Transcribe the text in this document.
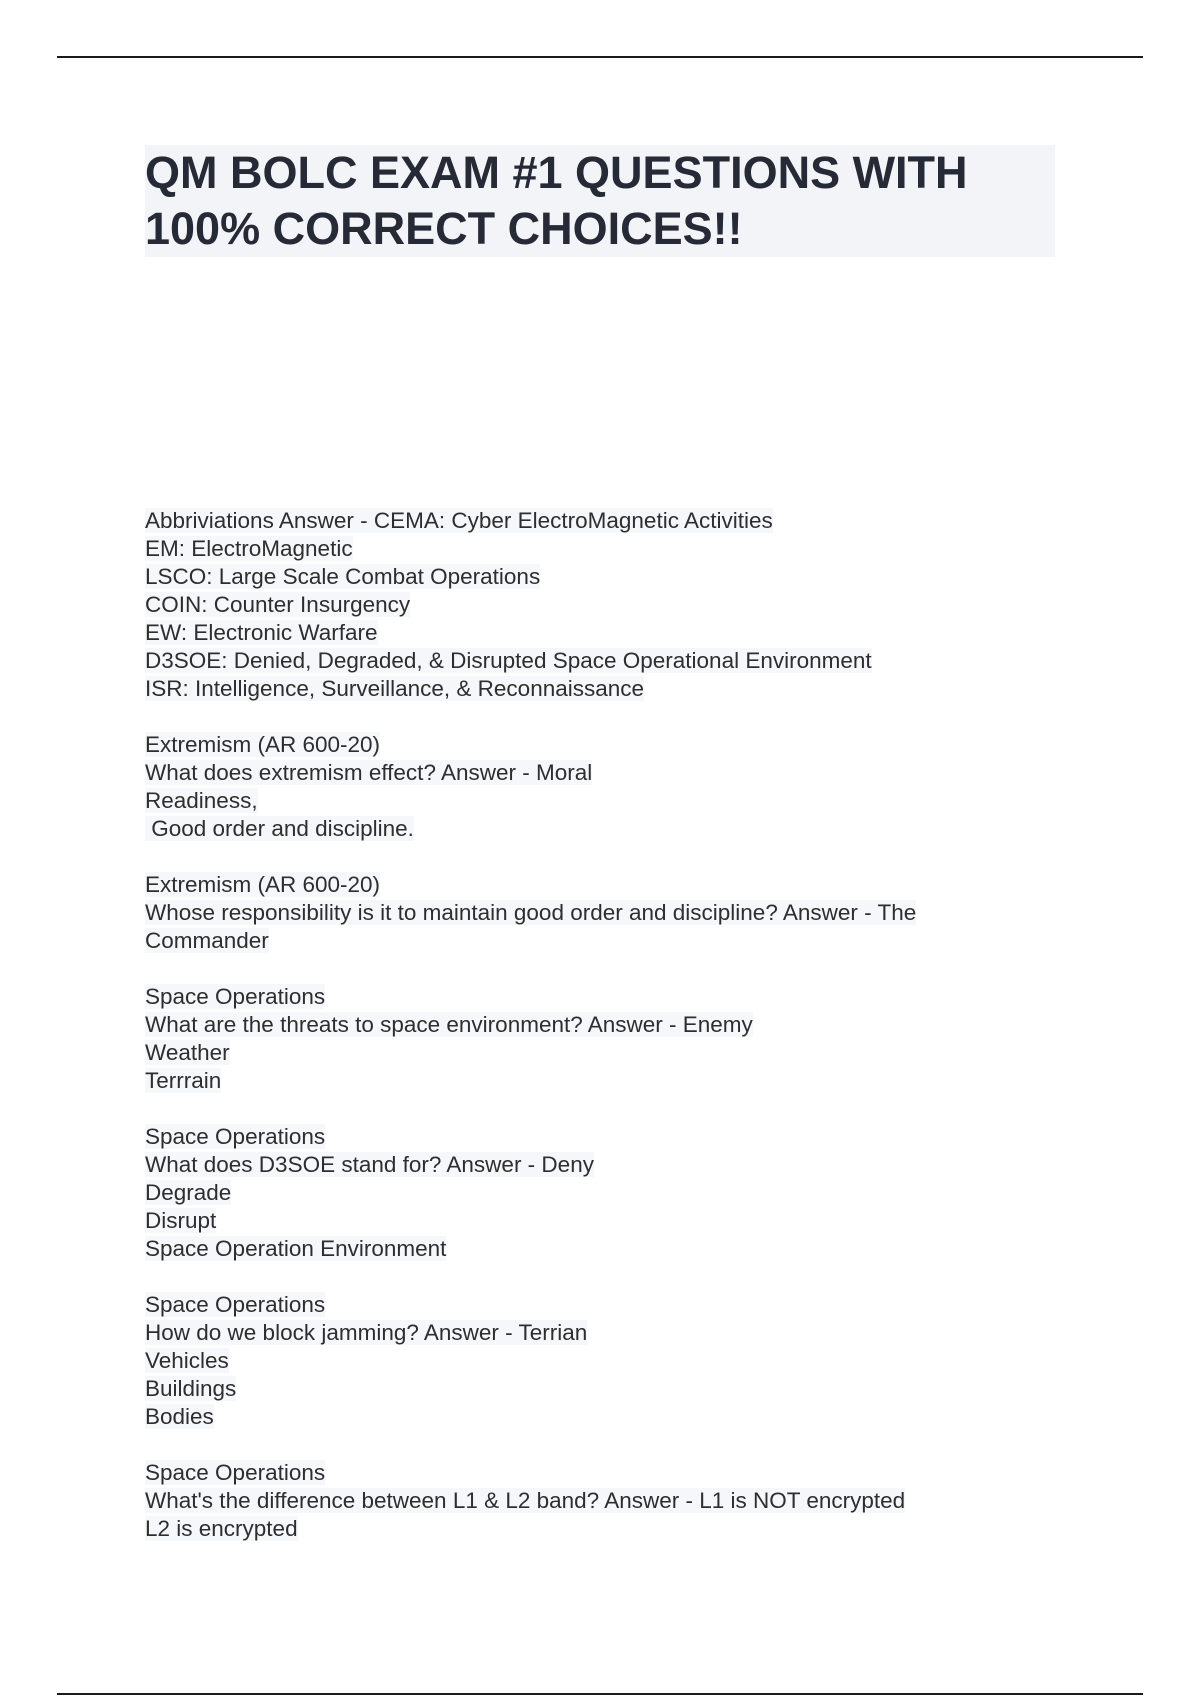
QM BOLC EXAM #1 QUESTIONS WITH
100% CORRECT CHOICES!!
Abbriviations Answer - CEMA: Cyber ElectroMagnetic Activities
EM: ElectroMagnetic
LSCO: Large Scale Combat Operations
COIN: Counter Insurgency
EW: Electronic Warfare
D3SOE: Denied, Degraded, & Disrupted Space Operational Environment
ISR: Intelligence, Surveillance, & Reconnaissance
Extremism (AR 600-20)
What does extremism effect? Answer - Moral
Readiness,
Good order and discipline.
Extremism (AR 600-20)
Whose responsibility is it to maintain good order and discipline? Answer - The
Commander
Space Operations
What are the threats to space environment? Answer - Enemy
Weather
Terrrain
Space Operations
What does D3SOE stand for? Answer - Deny
Degrade
Disrupt
Space Operation Environment
Space Operations
How do we block jamming? Answer - Terrian
Vehicles
Buildings
Bodies
Space Operations
What's the difference between L1 & L2 band? Answer - L1 is NOT encrypted
L2 is encrypted
